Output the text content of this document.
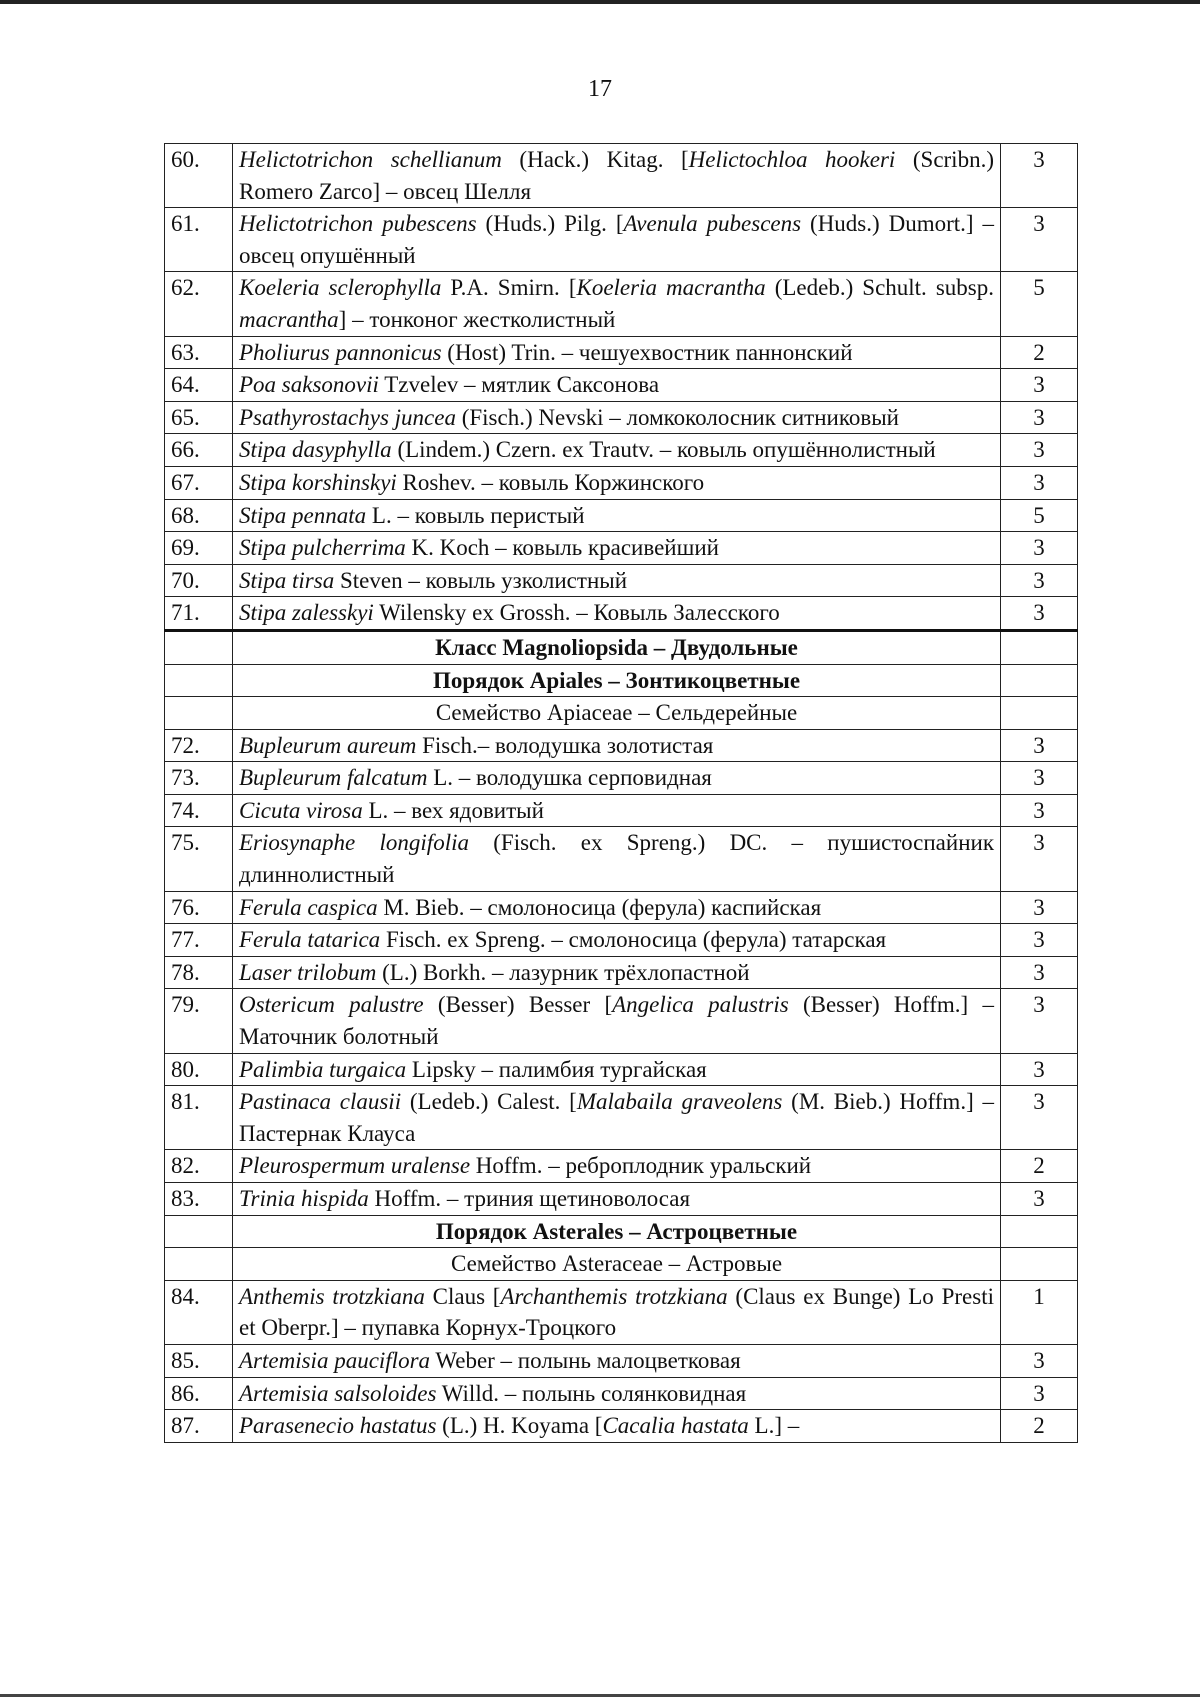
17
60.	Helictotrichon schellianum (Hack.) Kitag. [Helictochloa hookeri (Scribn.) Romero Zarco] – овсец Шелля	3
61.	Helictotrichon pubescens (Huds.) Pilg. [Avenula pubescens (Huds.) Dumort.] – овсец опушённый	3
62.	Koeleria sclerophylla P.A. Smirn. [Koeleria macrantha (Ledeb.) Schult. subsp. macrantha] – тонконог жестколистный	5
63.	Pholiurus pannonicus (Host) Trin. – чешуехвостник паннонский	2
64.	Poa saksonovii Tzvelev – мятлик Саксонова	3
65.	Psathyrostachys juncea (Fisch.) Nevski – ломкоколосник ситниковый	3
66.	Stipa dasyphylla (Lindem.) Czern. ex Trautv. – ковыль опушённолистный	3
67.	Stipa korshinskyi Roshev. – ковыль Коржинского	3
68.	Stipa pennata L. – ковыль перистый	5
69.	Stipa pulcherrima K. Koch – ковыль красивейший	3
70.	Stipa tirsa Steven – ковыль узколистный	3
71.	Stipa zalesskyi Wilensky ex Grossh. – Ковыль Залесского	3
	Класс Magnoliopsida – Двудольные	
	Порядок Apiales – Зонтикоцветные	
	Семейство Apiaceae – Сельдерейные	
72.	Bupleurum aureum Fisch.– володушка золотистая	3
73.	Bupleurum falcatum L. – володушка серповидная	3
74.	Cicuta virosa L. – вех ядовитый	3
75.	Eriosynaphe longifolia (Fisch. ex Spreng.) DC. – пушистоспайник длиннолистный	3
76.	Ferula caspica M. Bieb. – смолоносица (ферула) каспийская	3
77.	Ferula tatarica Fisch. ex Spreng. – смолоносица (ферула) татарская	3
78.	Laser trilobum (L.) Borkh. – лазурник трёхлопастной	3
79.	Ostericum palustre (Besser) Besser [Angelica palustris (Besser) Hoffm.] – Маточник болотный	3
80.	Palimbia turgaica Lipsky – палимбия тургайская	3
81.	Pastinaca clausii (Ledeb.) Calest. [Malabaila graveolens (M. Bieb.) Hoffm.] – Пастернак Клауса	3
82.	Pleurospermum uralense Hoffm. – реброплодник уральский	2
83.	Trinia hispida Hoffm. – триния щетиноволосая	3
	Порядок Asterales – Астроцветные	
	Семейство Asteraceae – Астровые	
84.	Anthemis trotzkiana Claus [Archanthemis trotzkiana (Claus ex Bunge) Lo Presti et Oberpr.] – пупавка Корнух-Троцкого	1
85.	Artemisia pauciflora Weber – полынь малоцветковая	3
86.	Artemisia salsoloides Willd. – полынь солянковидная	3
87.	Parasenecio hastatus (L.) H. Koyama [Cacalia hastata L.] –	2
